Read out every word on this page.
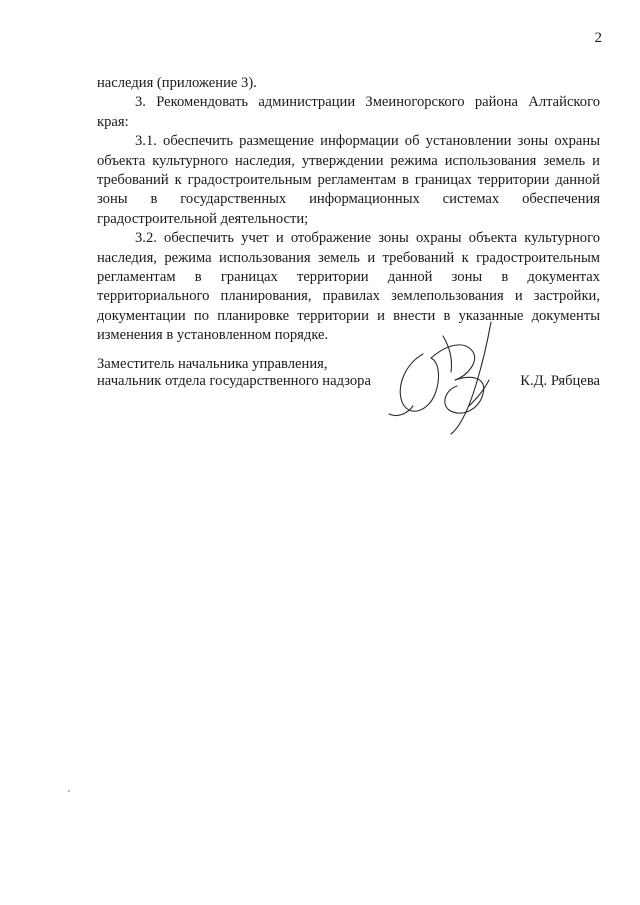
2

наследия (приложение 3).

3. Рекомендовать администрации Змеиногорского района Алтайского края:

3.1. обеспечить размещение информации об установлении зоны охраны объекта культурного наследия, утверждении режима использования земель и требований к градостроительным регламентам в границах территории данной зоны в государственных информационных системах обеспечения градостроительной деятельности;

3.2. обеспечить учет и отображение зоны охраны объекта культурного наследия, режима использования земель и требований к градостроительным регламентам в границах территории данной зоны в документах территориального планирования, правилах землепользования и застройки, документации по планировке территории и внести в указанные документы изменения в установленном порядке.

Заместитель начальника управления,
начальник отдела государственного надзора	К.Д. Рябцева
